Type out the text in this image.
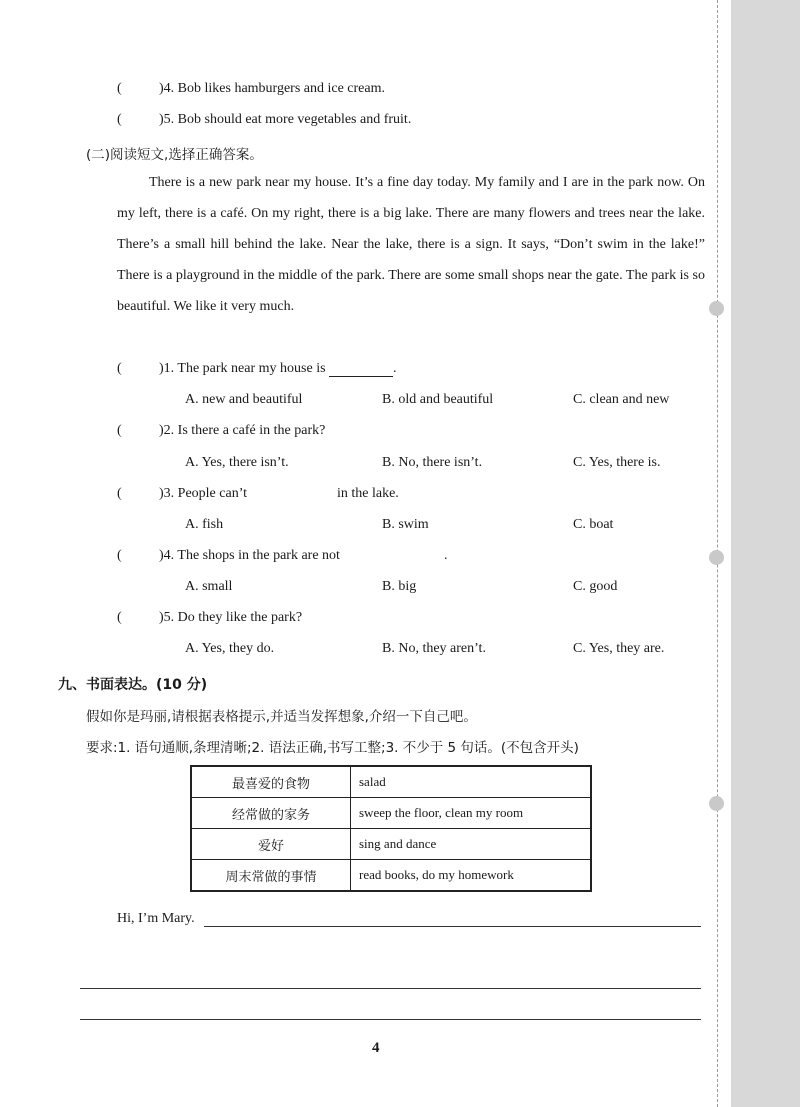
(	)4. Bob likes hamburgers and ice cream.
(	)5. Bob should eat more vegetables and fruit.
(二)阅读短文,选择正确答案。
There is a new park near my house. It’s a fine day today. My family and I are in the park now. On my left, there is a café. On my right, there is a big lake. There are many flowers and trees near the lake. There’s a small hill behind the lake. Near the lake, there is a sign. It says, “Don’t swim in the lake!” There is a playground in the middle of the park. There are some small shops near the gate. The park is so beautiful. We like it very much.
(	)1. The park near my house is	.
A. new and beautiful	B. old and beautiful	C. clean and new
(	)2. Is there a café in the park?
A. Yes, there isn’t.	B. No, there isn’t.	C. Yes, there is.
(	)3. People can’t	in the lake.
A. fish	B. swim	C. boat
(	)4. The shops in the park are not	.
A. small	B. big	C. good
(	)5. Do they like the park?
A. Yes, they do.	B. No, they aren’t.	C. Yes, they are.
九、书面表达。(10 分)
假如你是玛丽,请根据表格提示,并适当发挥想象,介绍一下自己吧。
要求:1. 语句通顺,条理清晰;2. 语法正确,书写工整;3. 不少于 5 句话。(不包含开头)
最喜爱的食物	salad
经常做的家务	sweep the floor, clean my room
爱好	sing and dance
周末常做的事情	read books, do my homework
Hi, I’m Mary.
4
